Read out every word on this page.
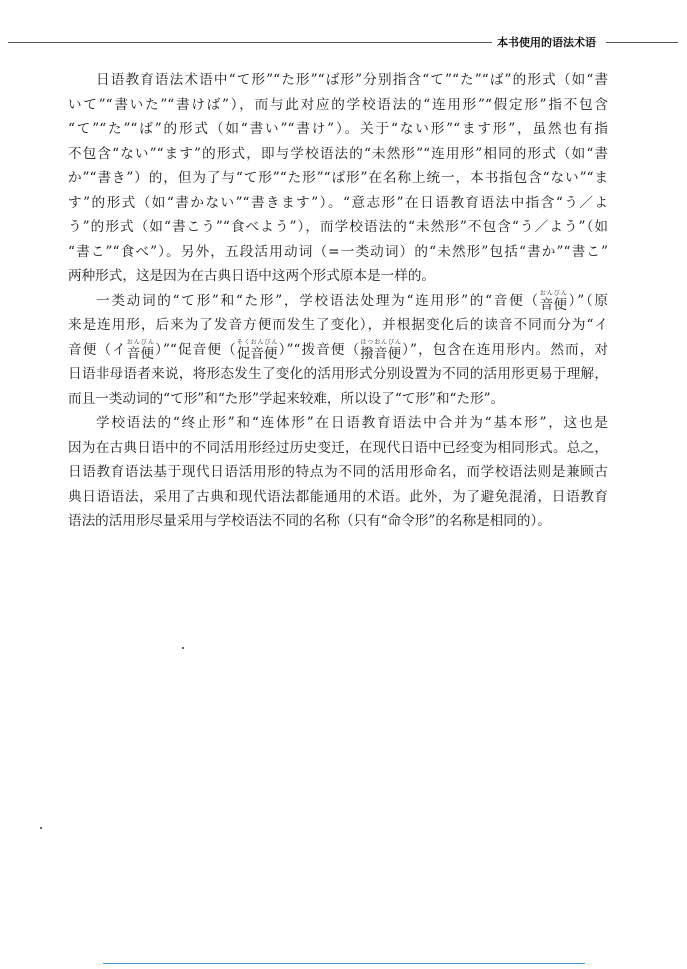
本书使用的语法术语
日语教育语法术语中“て形”“た形”“ば形”分别指含“て”“た”“ば”的形式（如“書
いて”“書いた”“書けば”），而与此对应的学校语法的“连用形”“假定形”指不包含
“て”“た”“ば”的形式（如“書い”“書け”）。关于“ない形”“ます形”，虽然也有指
不包含“ない”“ます”的形式，即与学校语法的“未然形”“连用形”相同的形式（如“書
か”“書き”）的，但为了与“て形”“た形”“ば形”在名称上统一，本书指包含“ない”“ま
す”的形式（如“書かない”“書きます”）。“意志形”在日语教育语法中指含“う／よ
う”的形式（如“書こう”“食べよう”），而学校语法的“未然形”不包含“う／よう”（如
“書こ”“食べ”）。另外，五段活用动词（=一类动词）的“未然形”包括“書か”“書こ”
两种形式，这是因为在古典日语中这两个形式原本是一样的。
一类动词的“て形”和“た形”，学校语法处理为“连用形”的“音便（ おんびん
音便 ）”（原
来是连用形，后来为了发音方便而发生了变化），并根据变化后的读音不同而分为“イ
音便（イ おんびん
音便 ）”“促音便（ そくおんびん
促音便 ）”“拨音便（ はつおんびん
撥音便 ）”，包含在连用形内。然而，对
日语非母语者来说，将形态发生了变化的活用形式分别设置为不同的活用形更易于理解，
而且一类动词的“て形”和“た形”学起来较难，所以设了“て形”和“た形”。
学校语法的“终止形”和“连体形”在日语教育语法中合并为“基本形”，这也是
因为在古典日语中的不同活用形经过历史变迁，在现代日语中已经变为相同形式。总之，
日语教育语法基于现代日语活用形的特点为不同的活用形命名，而学校语法则是兼顾古
典日语语法，采用了古典和现代语法都能通用的术语。此外，为了避免混淆，日语教育
语法的活用形尽量采用与学校语法不同的名称（只有“命令形”的名称是相同的）。
